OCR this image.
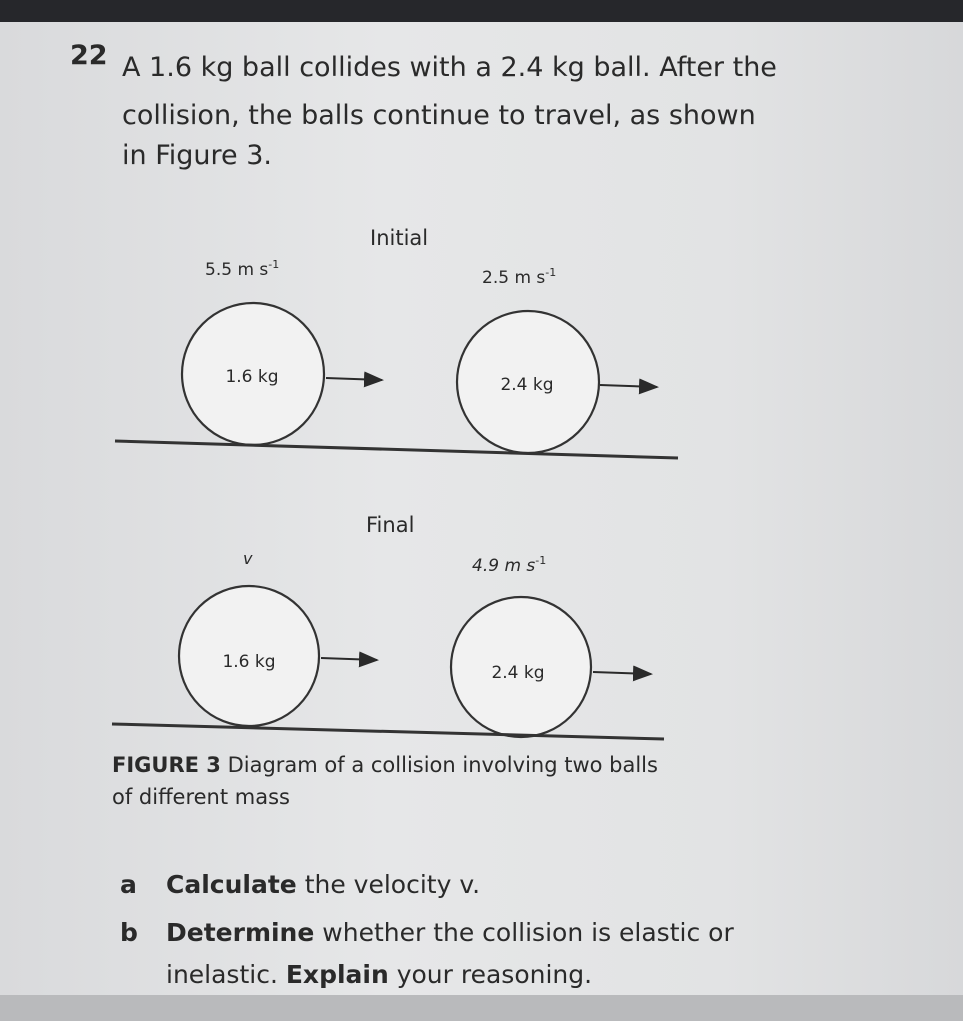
22 A 1.6 kg ball collides with a 2.4 kg ball. After the
collision, the balls continue to travel, as shown
in Figure 3.
Initial
5.5 m $s^{-1}$
2.5 m $s^{-1}$
1.6 kg	2.4 kg
Final
v	4.9 m $s^{-1}$
1.6 kg
2.4 kg
FIGURE 3 Diagram of a collision involving two balls
of different mass
a Calculate the velocity v.
b Determine whether the collision is elastic or
inelastic. Explain your reasoning.
